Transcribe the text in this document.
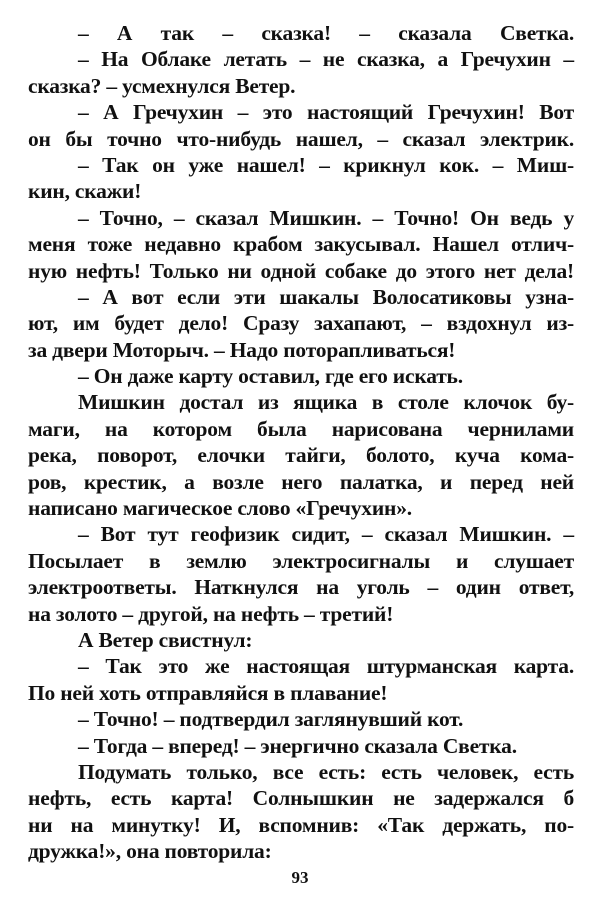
– А так – сказка! – сказала Светка.
– На Облаке летать – не сказка, а Гречухин –
сказка? – усмехнулся Ветер.
– А Гречухин – это настоящий Гречухин! Вот
он бы точно что-нибудь нашел, – сказал электрик.
– Так он уже нашел! – крикнул кок. – Миш-
кин, скажи!
– Точно, – сказал Мишкин. – Точно! Он ведь у
меня тоже недавно крабом закусывал. Нашел отлич-
ную нефть! Только ни одной собаке до этого нет дела!
– А вот если эти шакалы Волосатиковы узна-
ют, им будет дело! Сразу захапают, – вздохнул из-
за двери Моторыч. – Надо поторапливаться!
– Он даже карту оставил, где его искать.
Мишкин достал из ящика в столе клочок бу-
маги, на котором была нарисована чернилами
река, поворот, елочки тайги, болото, куча кома-
ров, крестик, а возле него палатка, и перед ней
написано магическое слово «Гречухин».
– Вот тут геофизик сидит, – сказал Мишкин. –
Посылает в землю электросигналы и слушает
электроответы. Наткнулся на уголь – один ответ,
на золото – другой, на нефть – третий!
А Ветер свистнул:
– Так это же настоящая штурманская карта.
По ней хоть отправляйся в плавание!
– Точно! – подтвердил заглянувший кот.
– Тогда – вперед! – энергично сказала Светка.
Подумать только, все есть: есть человек, есть
нефть, есть карта! Солнышкин не задержался б
ни на минутку! И, вспомнив: «Так держать, по-
дружка!», она повторила:
93
